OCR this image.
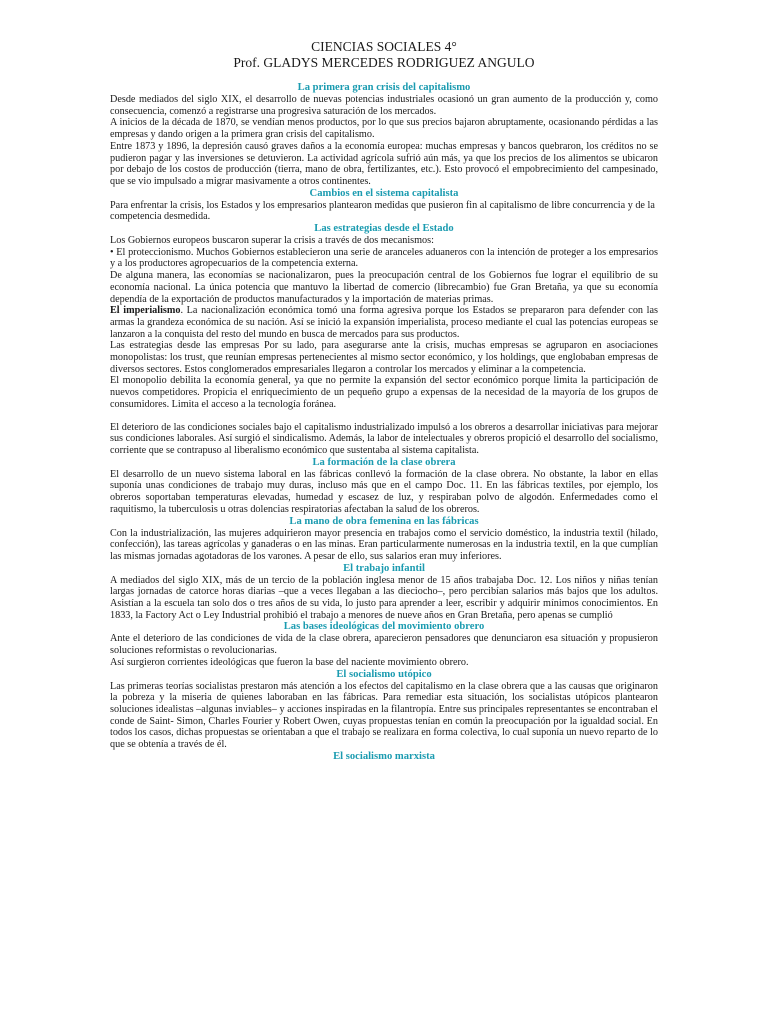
CIENCIAS SOCIALES 4°
Prof. GLADYS MERCEDES RODRIGUEZ ANGULO
La primera gran crisis del capitalismo

Desde mediados del siglo XIX, el desarrollo de nuevas potencias industriales ocasionó un gran aumento de la producción y, como consecuencia, comenzó a registrarse una progresiva saturación de los mercados.

A inicios de la década de 1870, se vendían menos productos, por lo que sus precios bajaron abruptamente, ocasionando pérdidas a las empresas y dando origen a la primera gran crisis del capitalismo.

Entre 1873 y 1896, la depresión causó graves daños a la economía europea: muchas empresas y bancos quebraron, los créditos no se pudieron pagar y las inversiones se detuvieron. La actividad agrícola sufrió aún más, ya que los precios de los alimentos se ubicaron por debajo de los costos de producción (tierra, mano de obra, fertilizantes, etc.). Esto provocó el empobrecimiento del campesinado, que se vio impulsado a migrar masivamente a otros continentes.

Cambios en el sistema capitalista

Para enfrentar la crisis, los Estados y los empresarios plantearon medidas que pusieron fin al capitalismo de libre concurrencia y de la competencia desmedida.

Las estrategias desde el Estado

Los Gobiernos europeos buscaron superar la crisis a través de dos mecanismos:

• El proteccionismo. Muchos Gobiernos establecieron una serie de aranceles aduaneros con la intención de proteger a los empresarios y a los productores agropecuarios de la competencia externa.

De alguna manera, las economías se nacionalizaron, pues la preocupación central de los Gobiernos fue lograr el equilibrio de su economía nacional. La única potencia que mantuvo la libertad de comercio (librecambio) fue Gran Bretaña, ya que su economía dependía de la exportación de productos manufacturados y la importación de materias primas.

El imperialismo. La nacionalización económica tomó una forma agresiva porque los Estados se prepararon para defender con las armas la grandeza económica de su nación. Así se inició la expansión imperialista, proceso mediante el cual las potencias europeas se lanzaron a la conquista del resto del mundo en busca de mercados para sus productos.

Las estrategias desde las empresas Por su lado, para asegurarse ante la crisis, muchas empresas se agruparon en asociaciones monopolistas: los trust, que reunían empresas pertenecientes al mismo sector económico, y los holdings, que englobaban empresas de diversos sectores. Estos conglomerados empresariales llegaron a controlar los mercados y eliminar a la competencia.

El monopolio debilita la economía general, ya que no permite la expansión del sector económico porque limita la participación de nuevos competidores. Propicia el enriquecimiento de un pequeño grupo a expensas de la necesidad de la mayoría de los grupos de consumidores. Limita el acceso a la tecnología foránea.

El deterioro de las condiciones sociales bajo el capitalismo industrializado impulsó a los obreros a desarrollar iniciativas para mejorar sus condiciones laborales. Así surgió el sindicalismo. Además, la labor de intelectuales y obreros propició el desarrollo del socialismo, corriente que se contrapuso al liberalismo económico que sustentaba al sistema capitalista.

La formación de la clase obrera

El desarrollo de un nuevo sistema laboral en las fábricas conllevó la formación de la clase obrera. No obstante, la labor en ellas suponía unas condiciones de trabajo muy duras, incluso más que en el campo Doc. 11. En las fábricas textiles, por ejemplo, los obreros soportaban temperaturas elevadas, humedad y escasez de luz, y respiraban polvo de algodón. Enfermedades como el raquitismo, la tuberculosis u otras dolencias respiratorias afectaban la salud de los obreros.

La mano de obra femenina en las fábricas

Con la industrialización, las mujeres adquirieron mayor presencia en trabajos como el servicio doméstico, la industria textil (hilado, confección), las tareas agrícolas y ganaderas o en las minas. Eran particularmente numerosas en la industria textil, en la que cumplían las mismas jornadas agotadoras de los varones. A pesar de ello, sus salarios eran muy inferiores.

El trabajo infantil

A mediados del siglo XIX, más de un tercio de la población inglesa menor de 15 años trabajaba Doc. 12. Los niños y niñas tenían largas jornadas de catorce horas diarias –que a veces llegaban a las dieciocho–, pero percibían salarios más bajos que los adultos. Asistían a la escuela tan solo dos o tres años de su vida, lo justo para aprender a leer, escribir y adquirir mínimos conocimientos. En 1833, la Factory Act o Ley Industrial prohibió el trabajo a menores de nueve años en Gran Bretaña, pero apenas se cumplió

Las bases ideológicas del movimiento obrero

Ante el deterioro de las condiciones de vida de la clase obrera, aparecieron pensadores que denunciaron esa situación y propusieron soluciones reformistas o revolucionarias.

Así surgieron corrientes ideológicas que fueron la base del naciente movimiento obrero.

El socialismo utópico

Las primeras teorías socialistas prestaron más atención a los efectos del capitalismo en la clase obrera que a las causas que originaron la pobreza y la miseria de quienes laboraban en las fábricas. Para remediar esta situación, los socialistas utópicos plantearon soluciones idealistas –algunas inviables– y acciones inspiradas en la filantropía. Entre sus principales representantes se encontraban el conde de Saint- Simon, Charles Fourier y Robert Owen, cuyas propuestas tenían en común la preocupación por la igualdad social. En todos los casos, dichas propuestas se orientaban a que el trabajo se realizara en forma colectiva, lo cual suponía un nuevo reparto de lo que se obtenía a través de él.

El socialismo marxista
